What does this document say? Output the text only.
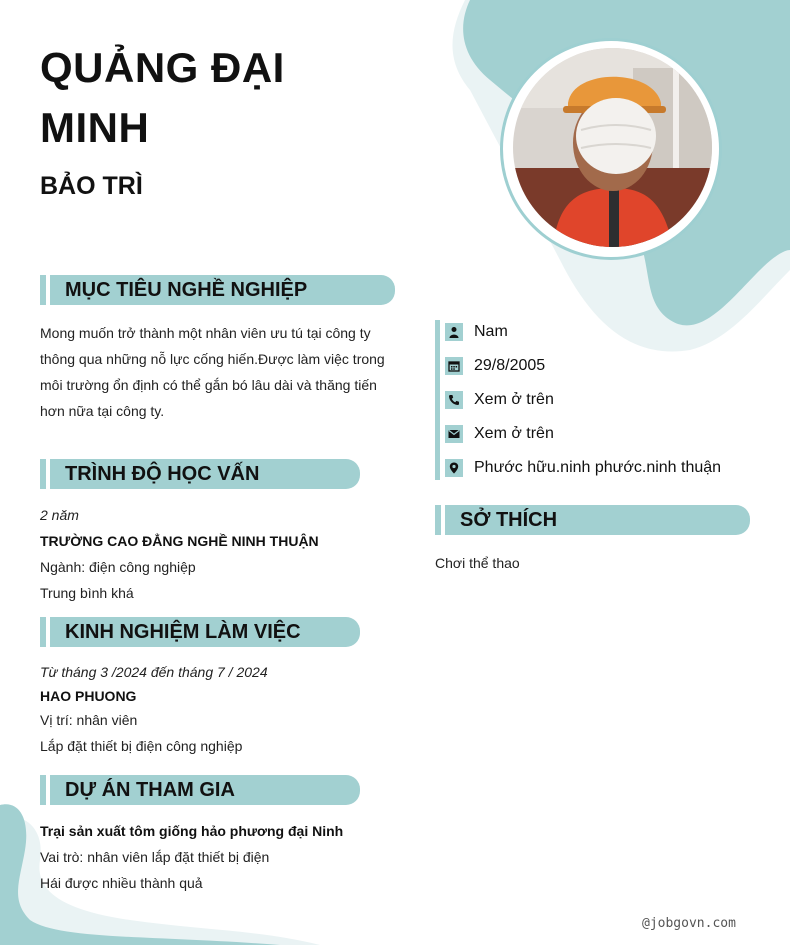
QUẢNG ĐẠI
MINH
BẢO TRÌ
MỤC TIÊU NGHỀ NGHIỆP
Mong muốn trở thành một nhân viên ưu tú tại công ty
thông qua những nỗ lực cống hiến.Được làm việc trong
môi trường ổn định có thể gắn bó lâu dài và thăng tiến
hơn nữa tại công ty.
TRÌNH ĐỘ HỌC VẤN
2 năm
TRƯỜNG CAO ĐẲNG NGHỀ NINH THUẬN
Ngành: điện công nghiệp
Trung bình khá
KINH NGHIỆM LÀM VIỆC
Từ tháng 3 /2024 đến tháng 7 / 2024
HAO PHUONG
Vị trí: nhân viên
Lắp đặt thiết bị điện công nghiệp
DỰ ÁN THAM GIA
Trại sản xuất tôm giống hảo phương đại Ninh
Vai trò: nhân viên lắp đặt thiết bị điện
Hái được nhiều thành quả
Nam
29/8/2005
Xem ở trên
Xem ở trên
Phước hữu.ninh phước.ninh thuận
SỞ THÍCH
Chơi thể thao
@jobgovn.com
